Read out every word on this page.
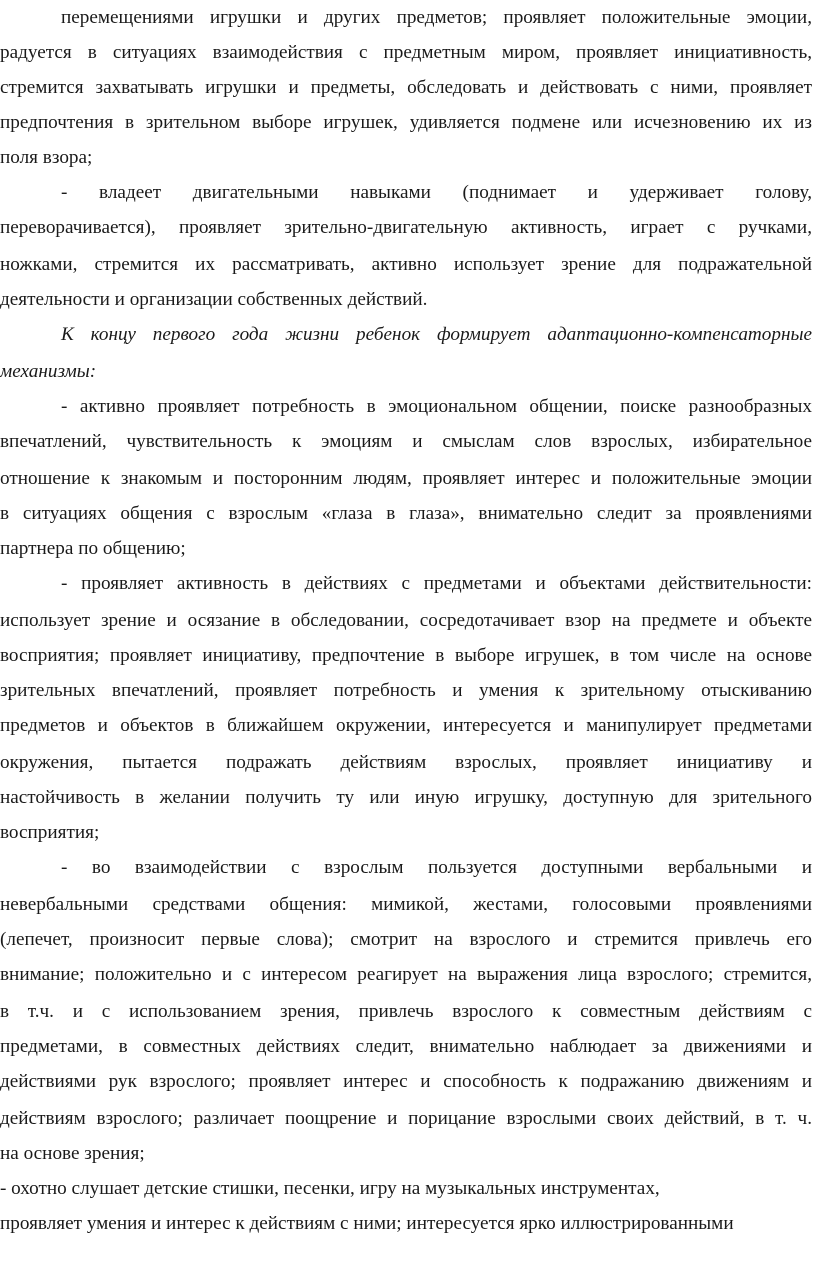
перемещениями игрушки и других предметов; проявляет положительные эмоции,
радуется в ситуациях взаимодействия с предметным миром, проявляет инициативность,
стремится захватывать игрушки и предметы, обследовать и действовать с ними, проявляет
предпочтения в зрительном выборе игрушек, удивляется подмене или исчезновению их из
поля взора;
- владеет двигательными навыками (поднимает и удерживает голову,
переворачивается), проявляет зрительно-двигательную активность, играет с ручками,
ножками, стремится их рассматривать, активно использует зрение для подражательной
деятельности и организации собственных действий.
К концу первого года жизни ребенок формирует адаптационно-компенсаторные
механизмы:
- активно проявляет потребность в эмоциональном общении, поиске разнообразных
впечатлений, чувствительность к эмоциям и смыслам слов взрослых, избирательное
отношение к знакомым и посторонним людям, проявляет интерес и положительные эмоции
в ситуациях общения с взрослым «глаза в глаза», внимательно следит за проявлениями
партнера по общению;
- проявляет активность в действиях с предметами и объектами действительности:
использует зрение и осязание в обследовании, сосредотачивает взор на предмете и объекте
восприятия; проявляет инициативу, предпочтение в выборе игрушек, в том числе на основе
зрительных впечатлений, проявляет потребность и умения к зрительному отыскиванию
предметов и объектов в ближайшем окружении, интересуется и манипулирует предметами
окружения, пытается подражать действиям взрослых, проявляет инициативу и
настойчивость в желании получить ту или иную игрушку, доступную для зрительного
восприятия;
- во взаимодействии с взрослым пользуется доступными вербальными и
невербальными средствами общения: мимикой, жестами, голосовыми проявлениями
(лепечет, произносит первые слова); смотрит на взрослого и стремится привлечь его
внимание; положительно и с интересом реагирует на выражения лица взрослого; стремится,
в т.ч. и с использованием зрения, привлечь взрослого к совместным действиям с
предметами, в совместных действиях следит, внимательно наблюдает за движениями и
действиями рук взрослого; проявляет интерес и способность к подражанию движениям и
действиям взрослого; различает поощрение и порицание взрослыми своих действий, в т. ч.
на основе зрения;
- охотно слушает детские стишки, песенки, игру на музыкальных инструментах,
проявляет умения и интерес к действиям с ними; интересуется ярко иллюстрированными
